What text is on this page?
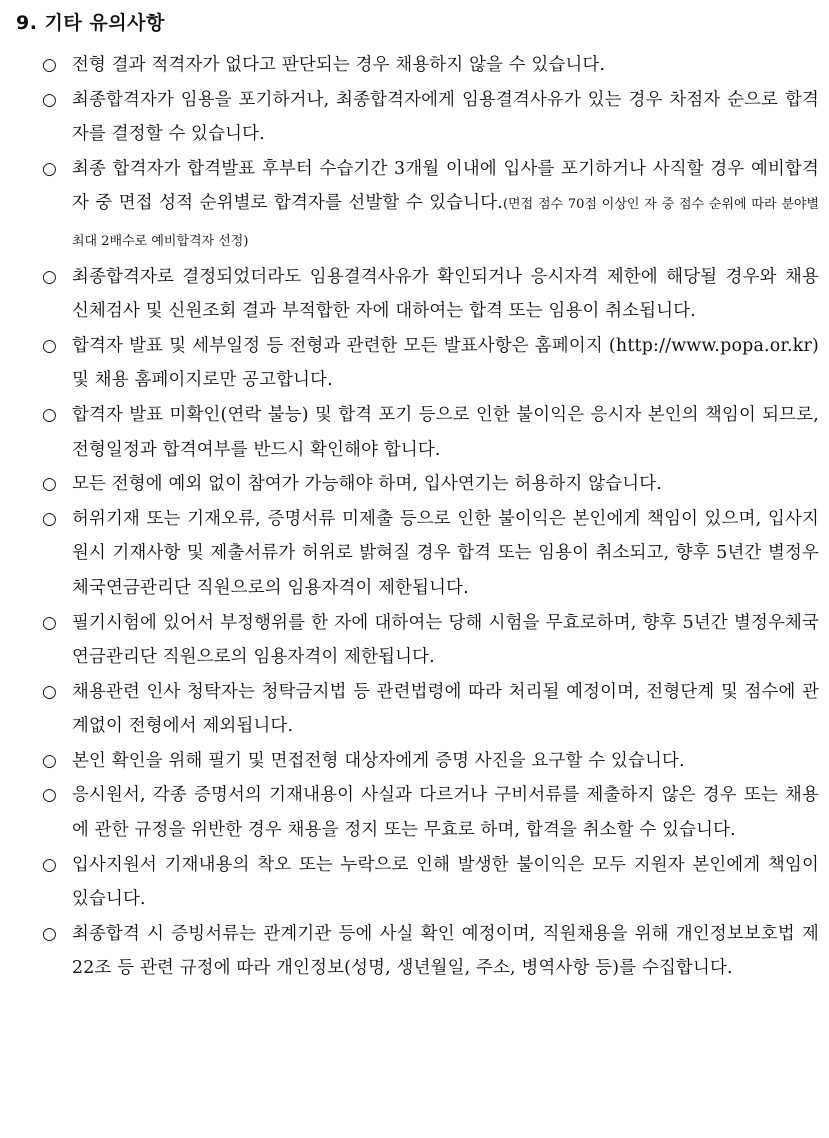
9. 기타 유의사항
○ 전형 결과 적격자가 없다고 판단되는 경우 채용하지 않을 수 있습니다.
○ 최종합격자가 임용을 포기하거나, 최종합격자에게 임용결격사유가 있는 경우 차점자 순으로 합격자를 결정할 수 있습니다.
○ 최종 합격자가 합격발표 후부터 수습기간 3개월 이내에 입사를 포기하거나 사직할 경우 예비합격자 중 면접 성적 순위별로 합격자를 선발할 수 있습니다.(면접 점수 70점 이상인 자 중 점수 순위에 따라 분야별 최대 2배수로 예비합격자 선정)
○ 최종합격자로 결정되었더라도 임용결격사유가 확인되거나 응시자격 제한에 해당될 경우와 채용 신체검사 및 신원조회 결과 부적합한 자에 대하여는 합격 또는 임용이 취소됩니다.
○ 합격자 발표 및 세부일정 등 전형과 관련한 모든 발표사항은 홈페이지 (http://www.popa.or.kr) 및 채용 홈페이지로만 공고합니다.
○ 합격자 발표 미확인(연락 불능) 및 합격 포기 등으로 인한 불이익은 응시자 본인의 책임이 되므로, 전형일정과 합격여부를 반드시 확인해야 합니다.
○ 모든 전형에 예외 없이 참여가 가능해야 하며, 입사연기는 허용하지 않습니다.
○ 허위기재 또는 기재오류, 증명서류 미제출 등으로 인한 불이익은 본인에게 책임이 있으며, 입사지원시 기재사항 및 제출서류가 허위로 밝혀질 경우 합격 또는 임용이 취소되고, 향후 5년간 별정우체국연금관리단 직원으로의 임용자격이 제한됩니다.
○ 필기시험에 있어서 부정행위를 한 자에 대하여는 당해 시험을 무효로하며, 향후 5년간 별정우체국연금관리단 직원으로의 임용자격이 제한됩니다.
○ 채용관련 인사 청탁자는 청탁금지법 등 관련법령에 따라 처리될 예정이며, 전형단계 및 점수에 관계없이 전형에서 제외됩니다.
○ 본인 확인을 위해 필기 및 면접전형 대상자에게 증명 사진을 요구할 수 있습니다.
○ 응시원서, 각종 증명서의 기재내용이 사실과 다르거나 구비서류를 제출하지 않은 경우 또는 채용에 관한 규정을 위반한 경우 채용을 정지 또는 무효로 하며, 합격을 취소할 수 있습니다.
○ 입사지원서 기재내용의 착오 또는 누락으로 인해 발생한 불이익은 모두 지원자 본인에게 책임이 있습니다.
○ 최종합격 시 증빙서류는 관계기관 등에 사실 확인 예정이며, 직원채용을 위해 개인정보보호법 제22조 등 관련 규정에 따라 개인정보(성명, 생년월일, 주소, 병역사항 등)를 수집합니다.
